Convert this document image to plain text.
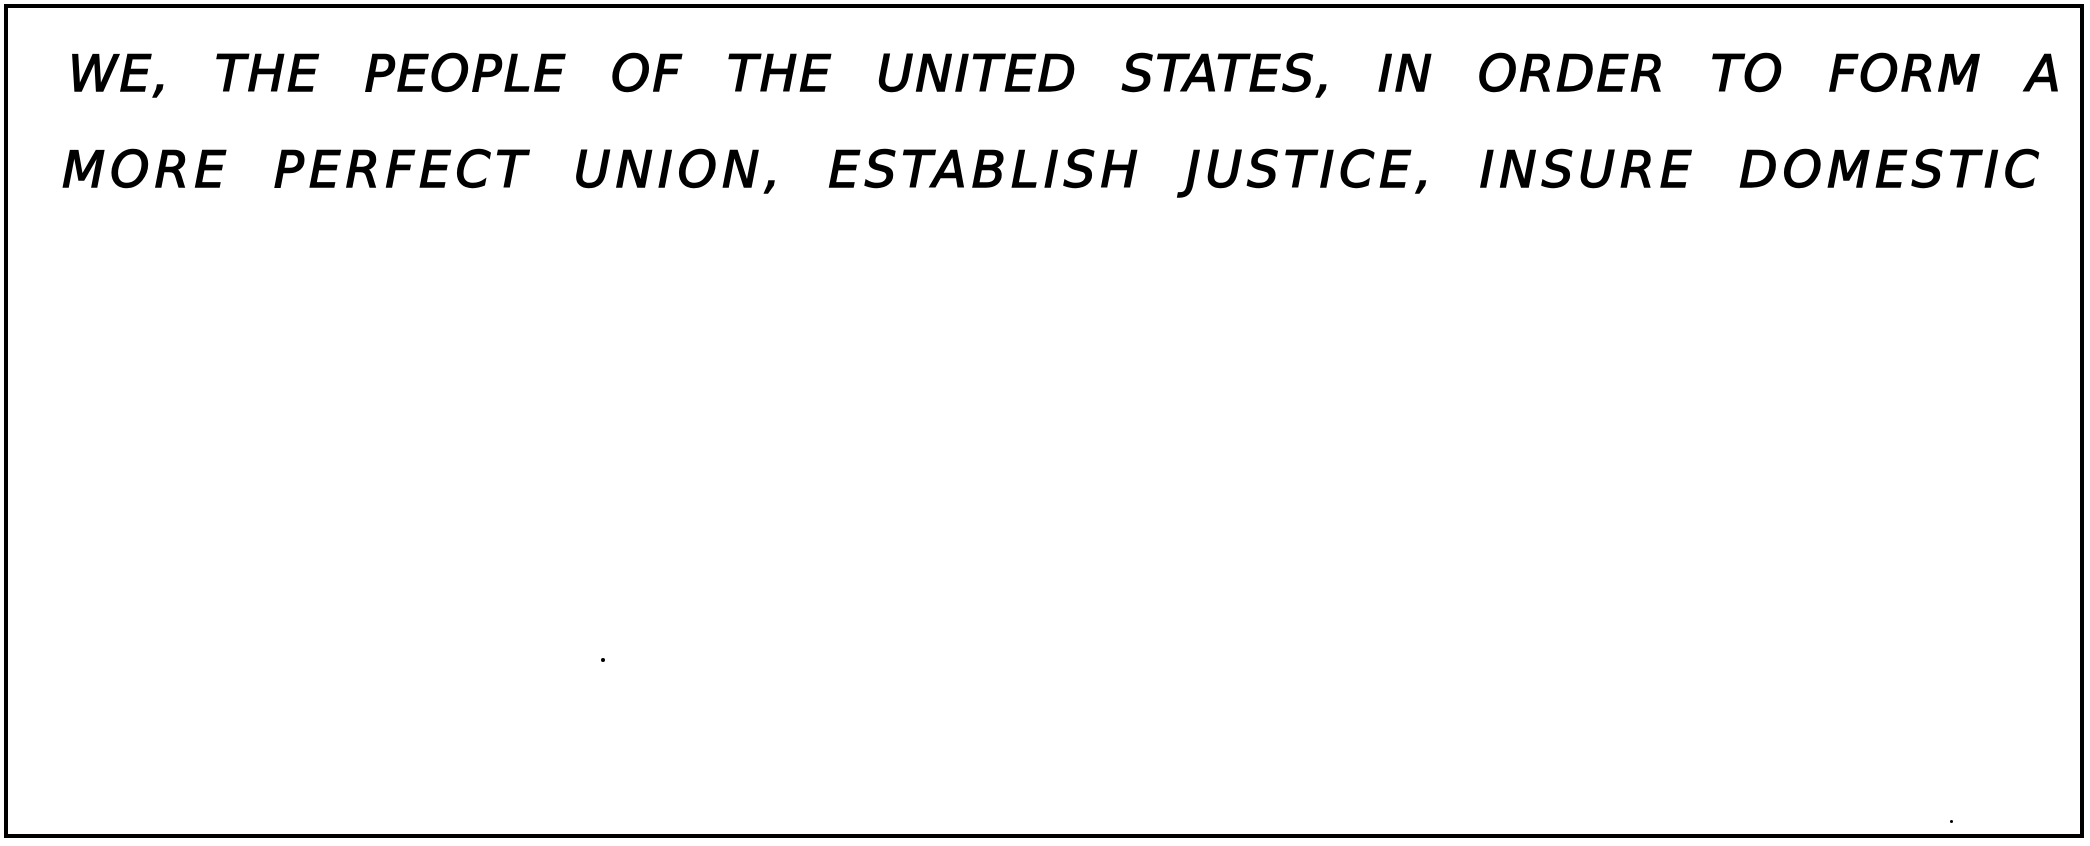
WE, THE PEOPLE OF THE UNITED STATES, IN ORDER TO FORM A
MORE PERFECT UNION, ESTABLISH JUSTICE, INSURE DOMESTIC
